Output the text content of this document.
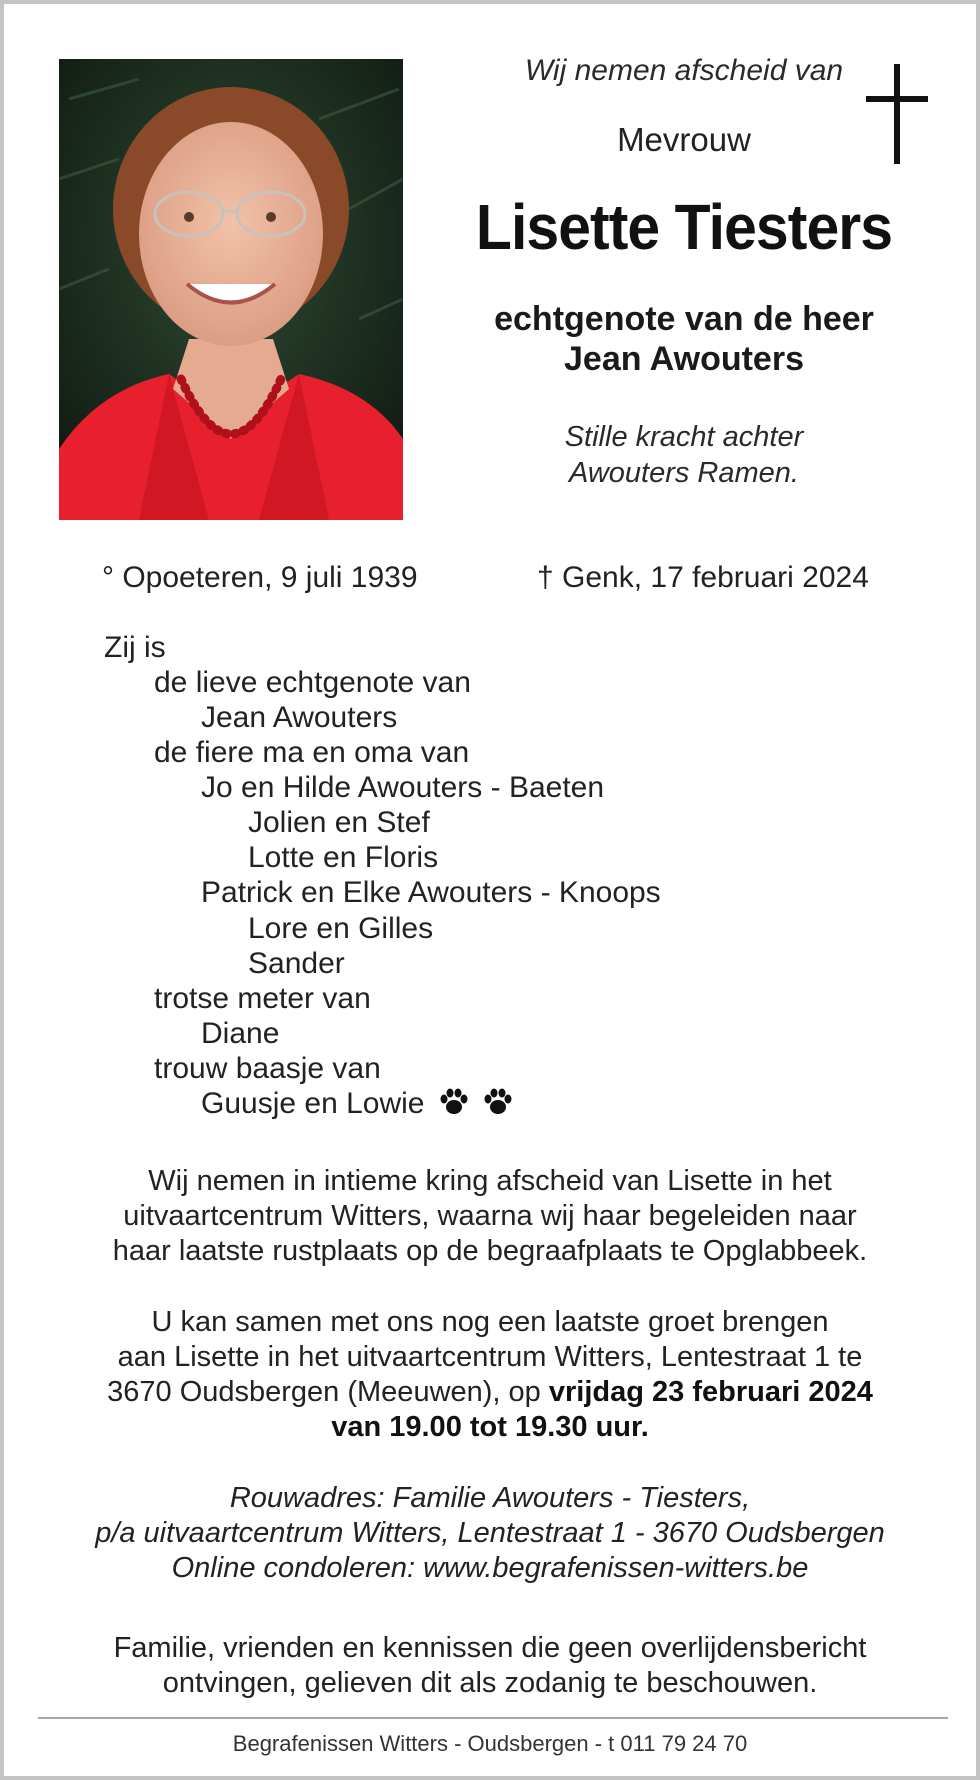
Wij nemen afscheid van
Mevrouw
Lisette Tiesters
echtgenote van de heer
Jean Awouters
Stille kracht achter
Awouters Ramen.
° Opoeteren, 9 juli 1939	† Genk, 17 februari 2024
Zij is
de lieve echtgenote van
Jean Awouters
de fiere ma en oma van
Jo en Hilde Awouters - Baeten
Jolien en Stef
Lotte en Floris
Patrick en Elke Awouters - Knoops
Lore en Gilles
Sander
trotse meter van
Diane
trouw baasje van
Guusje en Lowie
Wij nemen in intieme kring afscheid van Lisette in het
uitvaartcentrum Witters, waarna wij haar begeleiden naar
haar laatste rustplaats op de begraafplaats te Opglabbeek.
U kan samen met ons nog een laatste groet brengen
aan Lisette in het uitvaartcentrum Witters, Lentestraat 1 te
3670 Oudsbergen (Meeuwen), op vrijdag 23 februari 2024
van 19.00 tot 19.30 uur.
Rouwadres: Familie Awouters - Tiesters,
p/a uitvaartcentrum Witters, Lentestraat 1 - 3670 Oudsbergen
Online condoleren: www.begrafenissen-witters.be
Familie, vrienden en kennissen die geen overlijdensbericht
ontvingen, gelieven dit als zodanig te beschouwen.
Begrafenissen Witters - Oudsbergen - t 011 79 24 70
